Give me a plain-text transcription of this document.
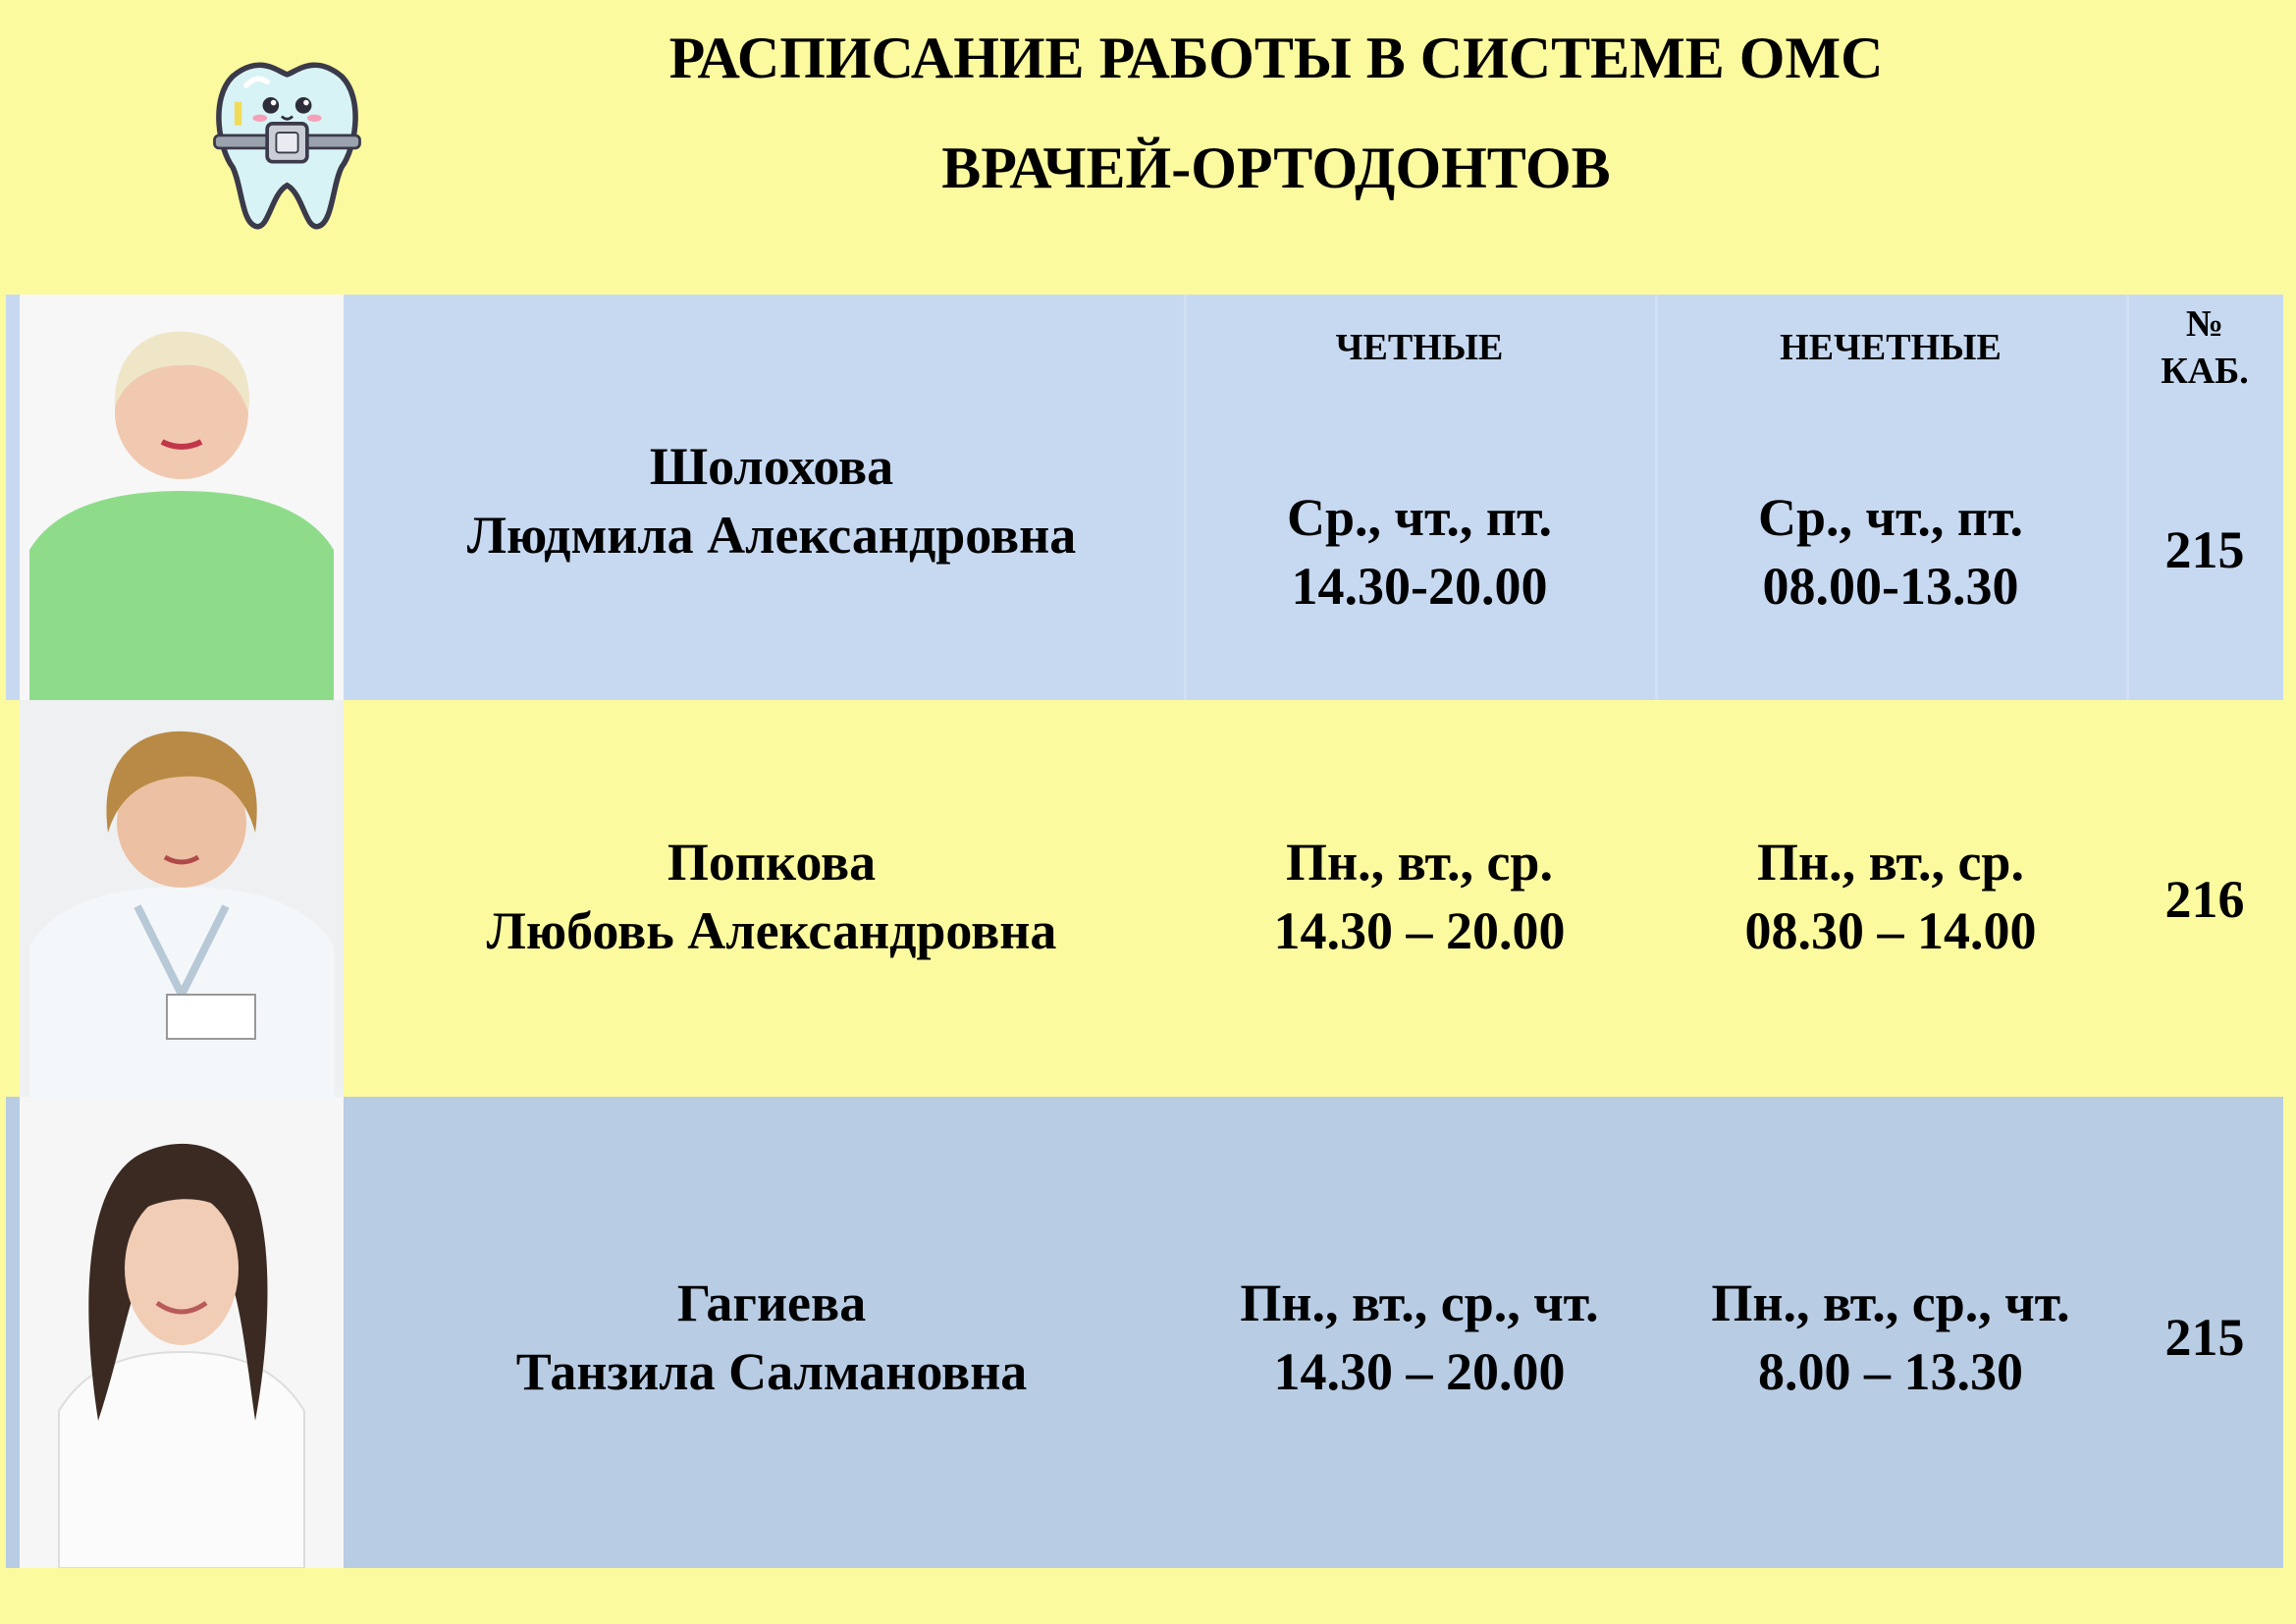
РАСПИСАНИЕ РАБОТЫ В СИСТЕМЕ ОМС
ВРАЧЕЙ-ОРТОДОНТОВ
ЧЕТНЫЕ	НЕЧЕТНЫЕ
№
КАБ.
Шолохова
Людмила Александровна	Ср., чт., пт.
14.30-20.00
Ср., чт., пт.
08.00-13.30
215
Попкова
Любовь Александровна
Пн., вт., ср.
14.30 – 20.00
Пн., вт., ср.
08.30 – 14.00
216
Гагиева
Танзила Салмановна
Пн., вт., ср., чт.
14.30 – 20.00
Пн., вт., ср., чт.
8.00 – 13.30
215
